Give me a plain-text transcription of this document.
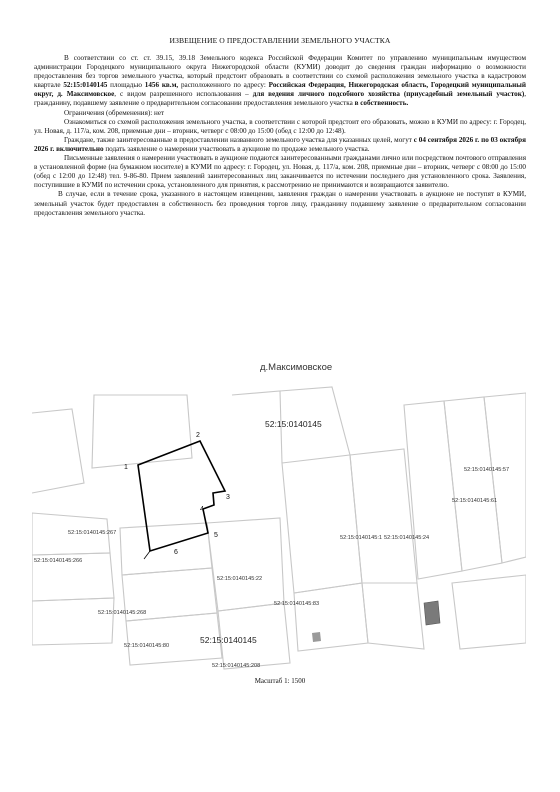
ИЗВЕЩЕНИЕ О ПРЕДОСТАВЛЕНИИ ЗЕМЕЛЬНОГО УЧАСТКА

В соответствии со ст. ст. 39.15, 39.18 Земельного кодекса Российской Федерации Комитет по управлению муниципальным имуществом администрации Городецкого муниципального округа Нижегородской области (КУМИ) доводит до сведения граждан информацию о возможности предоставления без торгов земельного участка, который предстоит образовать в соответствии со схемой расположения земельного участка в кадастровом квартале 52:15:0140145 площадью 1456 кв.м, расположенного по адресу: Российская Федерация, Нижегородская область, Городецкий муниципальный округ, д. Максимовское, с видом разрешенного использования – для ведения личного подсобного хозяйства (приусадебный земельный участок), гражданину, подавшему заявление о предварительном согласовании предоставления земельного участка в собственность.

Ограничения (обременения): нет

Ознакомиться со схемой расположения земельного участка, в соответствии с которой предстоит его образовать, можно в КУМИ по адресу: г. Городец, ул. Новая, д. 117/а, ком. 208, приемные дни – вторник, четверг с 08:00 до 15:00 (обед с 12:00 до 12:48).

Граждане, также заинтересованные в предоставлении названного земельного участка для указанных целей, могут с 04 сентября 2026 г. по 03 октября 2026 г. включительно подать заявление о намерении участвовать в аукционе по продаже земельного участка.

Письменные заявления о намерении участвовать в аукционе подаются заинтересованными гражданами лично или посредством почтового отправления в установленной форме (на бумажном носителе) в КУМИ по адресу: г. Городец, ул. Новая, д. 117/а, ком. 208, приемные дни – вторник, четверг с 08:00 до 15:00 (обед с 12:00 до 12:48) тел. 9-86-80. Прием заявлений заинтересованных лиц заканчивается по истечении последнего дня установленного срока. Заявления, поступившие в КУМИ по истечении срока, установленного для принятия, к рассмотрению не принимаются и возвращаются заявителю.

В случае, если в течение срока, указанного в настоящем извещении, заявления граждан о намерении участвовать в аукционе не поступят в КУМИ, земельный участок будет предоставлен в собственность без проведения торгов лицу, гражданину подавшему заявление о предварительном согласовании предоставления земельного участка.

1
2
3
4
5
6
д.Максимовское
52:15:0140145
52:15:0140145
52:15:0140145:57
52:15:0140145:61
52:15:0140145:1 52:15:0140145:24
52:15:0140145:267
52:15:0140145:266
52:15:0140145:22
52:15:0140145:83
52:15:0140145:268
52:15:0140145:80
52:15:0140145:208
Масштаб 1: 1500
